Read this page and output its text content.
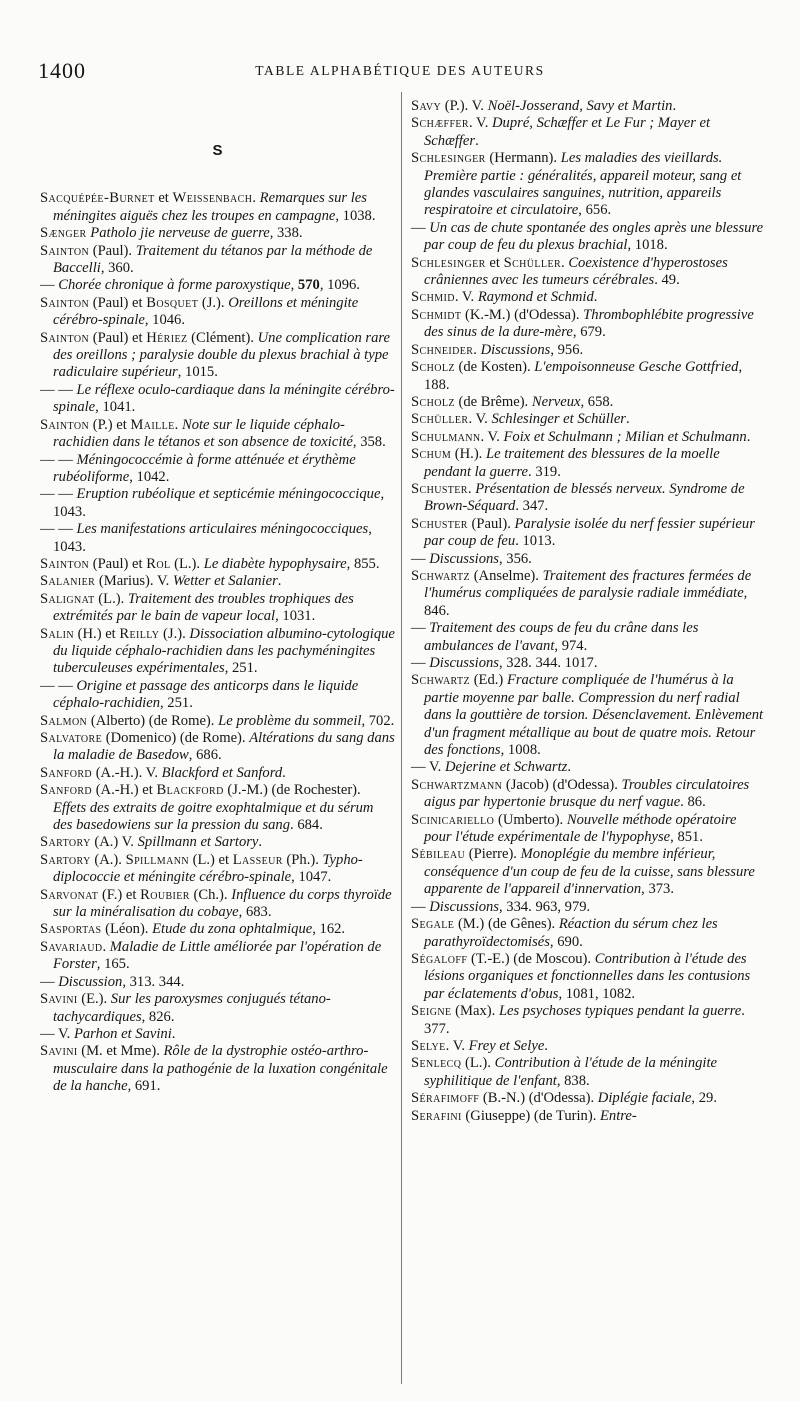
1400	TABLE ALPHABÉTIQUE DES AUTEURS
S
Sacquépée-Burnet et Weissenbach. Remarques sur les méningites aiguës chez les troupes en campagne, 1038.
Sænger Patholo jie nerveuse de guerre, 338.
Sainton (Paul). Traitement du tétanos par la méthode de Baccelli, 360.
— Chorée chronique à forme paroxystique, 570, 1096.
Sainton (Paul) et Bosquet (J.). Oreillons et méningite cérébro-spinale, 1046.
Sainton (Paul) et Hériez (Clément). Une complication rare des oreillons ; paralysie double du plexus brachial à type radiculaire supérieur, 1015.
— — Le réflexe oculo-cardiaque dans la méningite cérébro-spinale, 1041.
Sainton (P.) et Maille. Note sur le liquide céphalo-rachidien dans le tétanos et son absence de toxicité, 358.
— — Méningococcémie à forme atténuée et érythème rubéoliforme, 1042.
— — Eruption rubéolique et septicémie méningococcique, 1043.
— — Les manifestations articulaires méningococciques, 1043.
Sainton (Paul) et Rol (L.). Le diabète hypophysaire, 855.
Salanier (Marius). V. Wetter et Salanier.
Salignat (L.). Traitement des troubles trophiques des extrémités par le bain de vapeur local, 1031.
Salin (H.) et Reilly (J.). Dissociation albumino-cytologique du liquide céphalo-rachidien dans les pachyméningites tuberculeuses expérimentales, 251.
— — Origine et passage des anticorps dans le liquide céphalo-rachidien, 251.
Salmon (Alberto) (de Rome). Le problème du sommeil, 702.
Salvatore (Domenico) (de Rome). Altérations du sang dans la maladie de Basedow, 686.
Sanford (A.-H.). V. Blackford et Sanford.
Sanford (A.-H.) et Blackford (J.-M.) (de Rochester). Effets des extraits de goitre exophtalmique et du sérum des basedowiens sur la pression du sang. 684.
Sartory (A.) V. Spillmann et Sartory.
Sartory (A.). Spillmann (L.) et Lasseur (Ph.). Typho-diplococcie et méningite cérébro-spinale, 1047.
Sarvonat (F.) et Roubier (Ch.). Influence du corps thyroïde sur la minéralisation du cobaye, 683.
Sasportas (Léon). Etude du zona ophtalmique, 162.
Savariaud. Maladie de Little améliorée par l'opération de Forster, 165.
— Discussion, 313. 344.
Savini (E.). Sur les paroxysmes conjugués tétano-tachycardiques, 826.
— V. Parhon et Savini.
Savini (M. et Mme). Rôle de la dystrophie ostéo-arthro-musculaire dans la pathogénie de la luxation congénitale de la hanche, 691.
Savy (P.). V. Noël-Josserand, Savy et Martin.
Schæffer. V. Dupré, Schæffer et Le Fur ; Mayer et Schæffer.
Schlesinger (Hermann). Les maladies des vieillards. Première partie : généralités, appareil moteur, sang et glandes vasculaires sanguines, nutrition, appareils respiratoire et circulatoire, 656.
— Un cas de chute spontanée des ongles après une blessure par coup de feu du plexus brachial, 1018.
Schlesinger et Schüller. Coexistence d'hyperostoses crâniennes avec les tumeurs cérébrales. 49.
Schmid. V. Raymond et Schmid.
Schmidt (K.-M.) (d'Odessa). Thrombophlébite progressive des sinus de la dure-mère, 679.
Schneider. Discussions, 956.
Scholz (de Kosten). L'empoisonneuse Gesche Gottfried, 188.
Scholz (de Brême). Nerveux, 658.
Schüller. V. Schlesinger et Schüller.
Schulmann. V. Foix et Schulmann ; Milian et Schulmann.
Schum (H.). Le traitement des blessures de la moelle pendant la guerre. 319.
Schuster. Présentation de blessés nerveux. Syndrome de Brown-Séquard. 347.
Schuster (Paul). Paralysie isolée du nerf fessier supérieur par coup de feu. 1013.
— Discussions, 356.
Schwartz (Anselme). Traitement des fractures fermées de l'humérus compliquées de paralysie radiale immédiate, 846.
— Traitement des coups de feu du crâne dans les ambulances de l'avant, 974.
— Discussions, 328. 344. 1017.
Schwartz (Ed.) Fracture compliquée de l'humérus à la partie moyenne par balle. Compression du nerf radial dans la gouttière de torsion. Désenclavement. Enlèvement d'un fragment métallique au bout de quatre mois. Retour des fonctions, 1008.
— V. Dejerine et Schwartz.
Schwartzmann (Jacob) (d'Odessa). Troubles circulatoires aigus par hypertonie brusque du nerf vague. 86.
Scinicariello (Umberto). Nouvelle méthode opératoire pour l'étude expérimentale de l'hypophyse, 851.
Sébileau (Pierre). Monoplégie du membre inférieur, conséquence d'un coup de feu de la cuisse, sans blessure apparente de l'appareil d'innervation, 373.
— Discussions, 334. 963, 979.
Segale (M.) (de Gênes). Réaction du sérum chez les parathyroïdectomisés, 690.
Ségaloff (T.-E.) (de Moscou). Contribution à l'étude des lésions organiques et fonctionnelles dans les contusions par éclatements d'obus, 1081, 1082.
Seigne (Max). Les psychoses typiques pendant la guerre. 377.
Selye. V. Frey et Selye.
Senlecq (L.). Contribution à l'étude de la méningite syphilitique de l'enfant, 838.
Sérafimoff (B.-N.) (d'Odessa). Diplégie faciale, 29.
Serafini (Giuseppe) (de Turin). Entre-
